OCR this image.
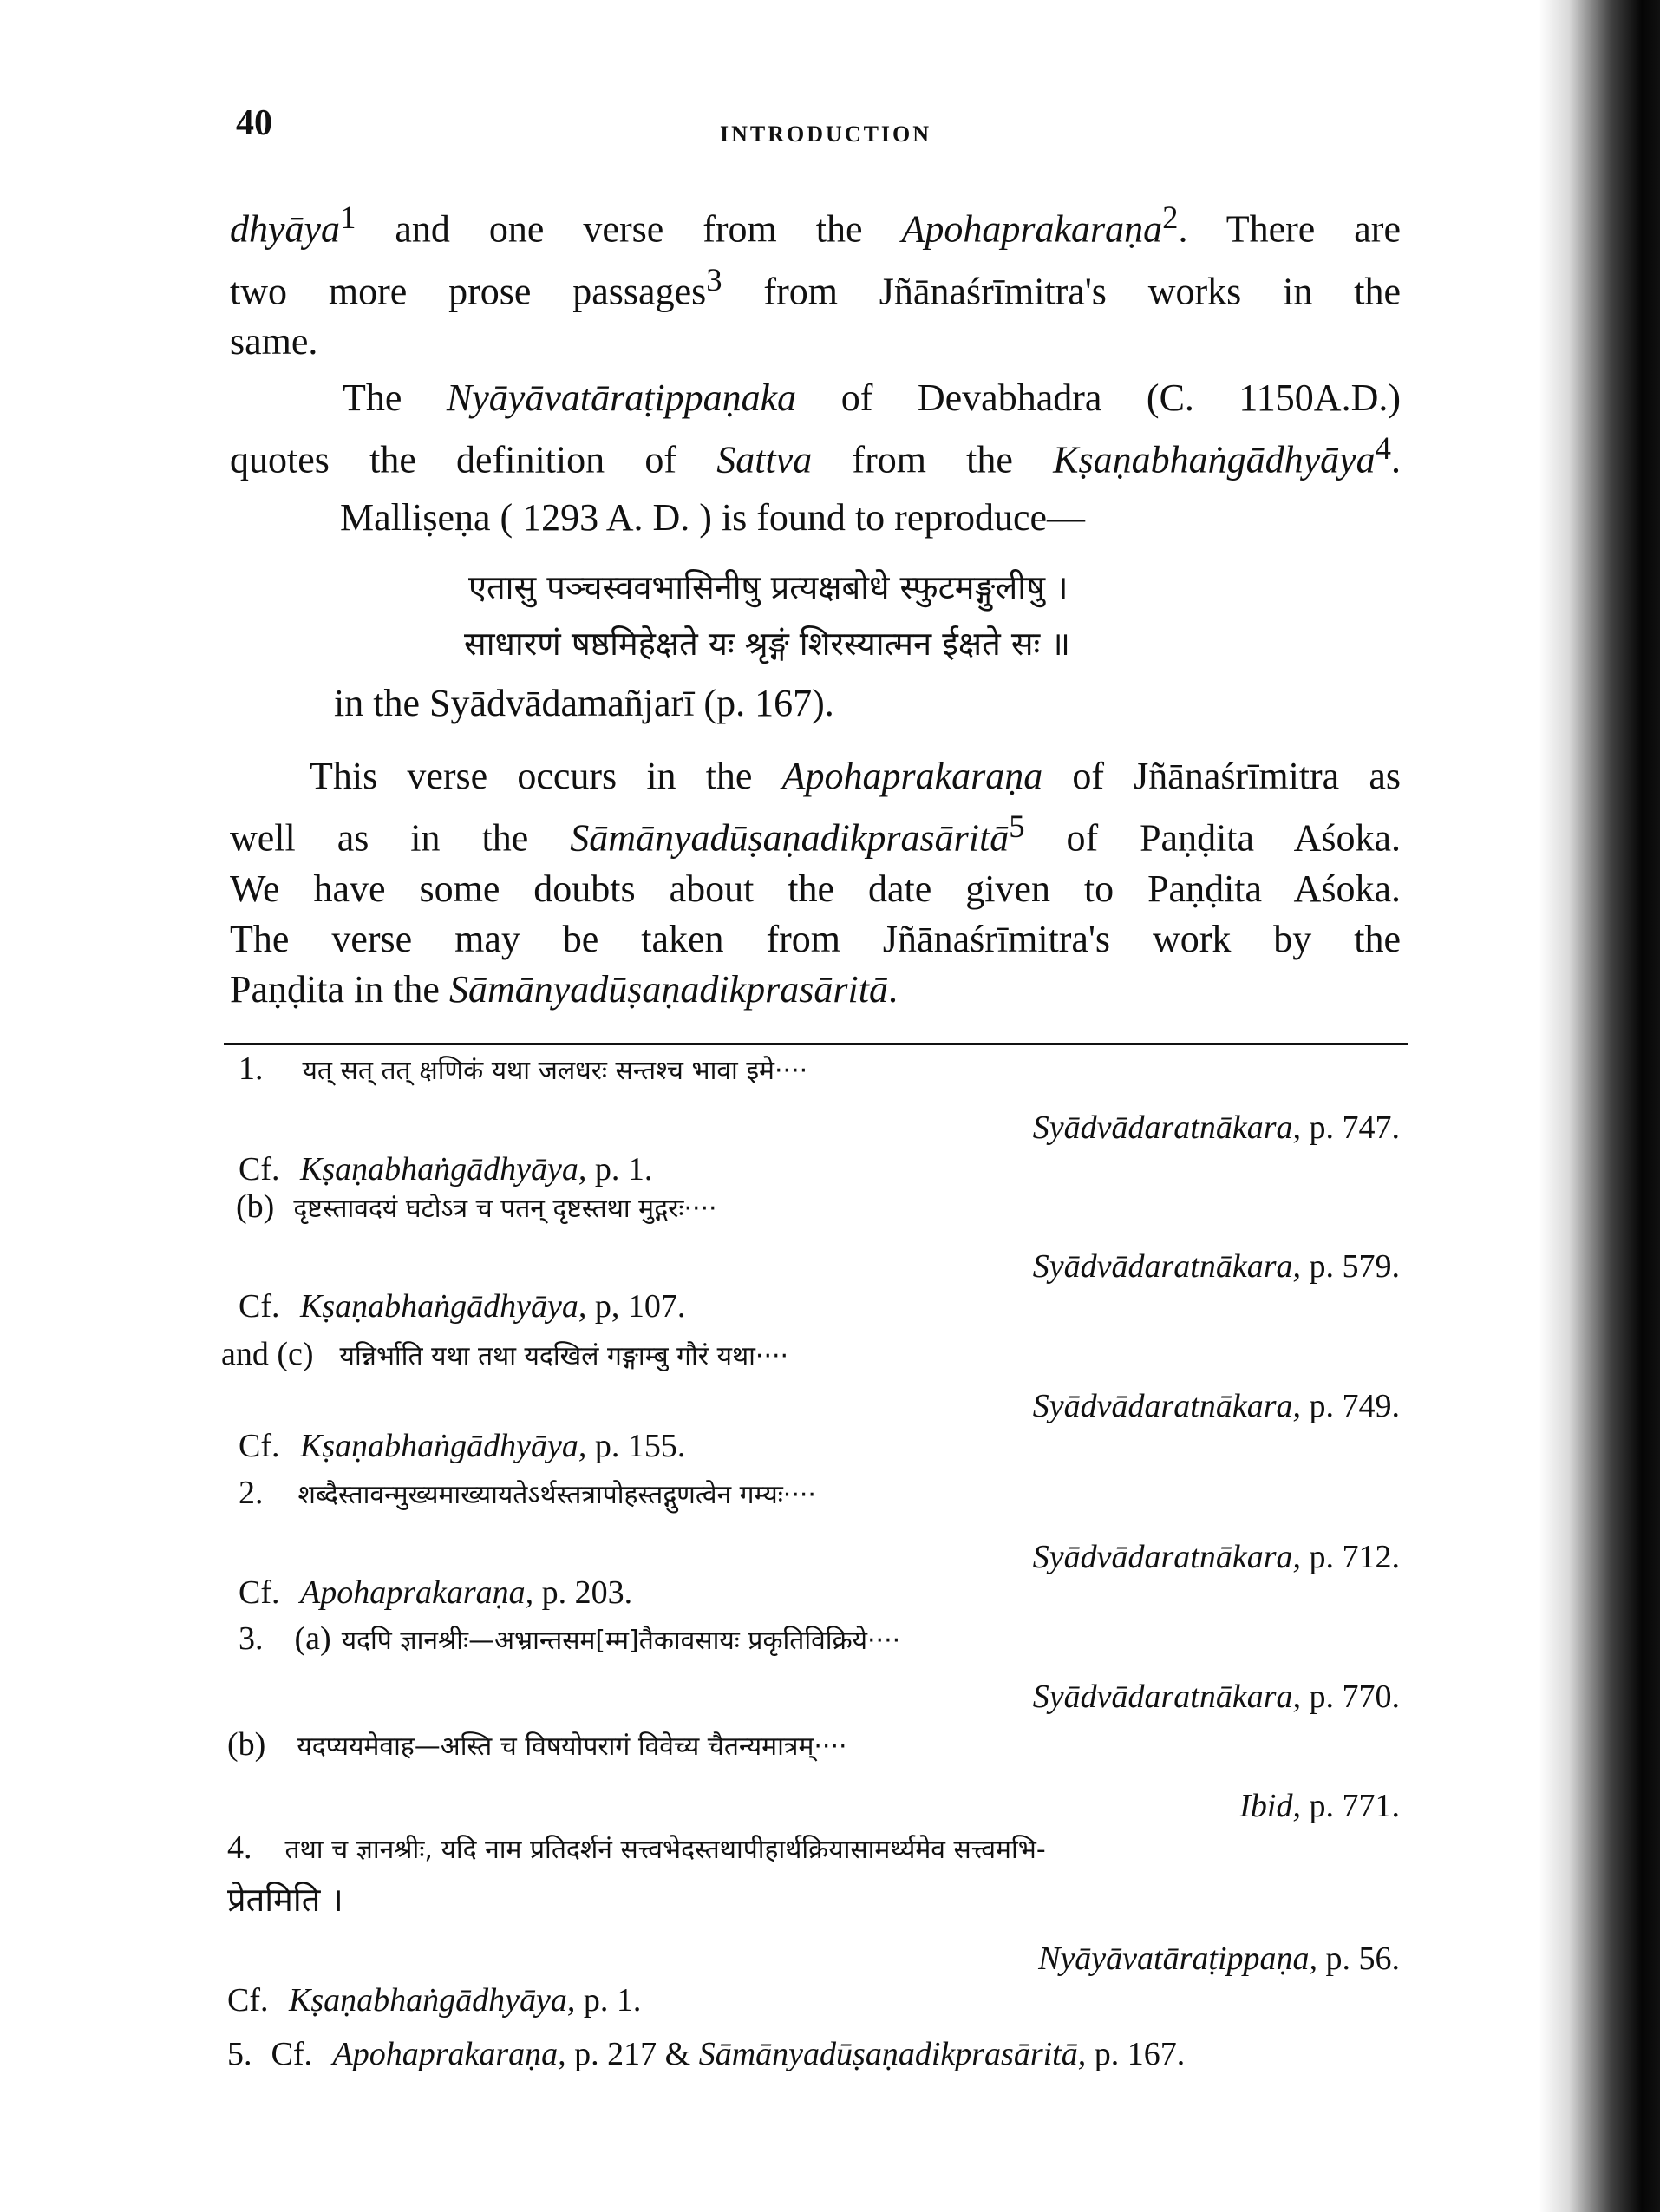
40	INTRODUCTION
dhyāya$^1$ and one verse from the Apohaprakaraṇa$^2$. There are
two more prose passages$^3$ from Jñānaśrīmitra's works in the
same.
The Nyāyāvatāraṭippaṇaka of Devabhadra (C. 1150A.D.)
quotes the definition of Sattva from the Kṣaṇabhaṅgādhyāya$^4$.
Malliṣeṇa ( 1293 A. D. ) is found to reproduce—
एतासु पञ्चस्ववभासिनीषु प्रत्यक्षबोधे स्फुटमङ्गुलीषु ।
साधारणं षष्ठमिहेक्षते यः श्रृङ्गं शिरस्यात्मन ईक्षते सः ॥
in the Syādvādamañjarī (p. 167).
This verse occurs in the Apohaprakaraṇa of Jñānaśrīmitra as
well as in the Sāmānyadūṣaṇadikprasāritā$^5$ of Paṇḍita Aśoka.
We have some doubts about the date given to Paṇḍita Aśoka.
The verse may be taken from Jñānaśrīmitra's work by the
Paṇḍita in the Sāmānyadūṣaṇadikprasāritā.
1. यत् सत् तत् क्षणिकं यथा जलधरः सन्तश्च भावा इमे····
Syādvādaratnākara, p. 747.
Cf. Kṣaṇabhaṅgādhyāya, p. 1.
(b) दृष्टस्तावदयं घटोऽत्र च पतन् दृष्टस्तथा मुद्गरः····
Syādvādaratnākara, p. 579.
Cf. Kṣaṇabhaṅgādhyāya, p, 107.
and (c) यन्निर्भाति यथा तथा यदखिलं गङ्गाम्बु गौरं यथा····
Syādvādaratnākara, p. 749.
Cf. Kṣaṇabhaṅgādhyāya, p. 155.
2. शब्दैस्तावन्मुख्यमाख्यायतेऽर्थस्तत्रापोहस्तद्गुणत्वेन गम्यः····
Syādvādaratnākara, p. 712.
Cf. Apohaprakaraṇa, p. 203.
3. (a) यदपि ज्ञानश्रीः—अभ्रान्तसम[म्म]तैकावसायः प्रकृतिविक्रिये····
Syādvādaratnākara, p. 770.
(b) यदप्ययमेवाह—अस्ति च विषयोपरागं विवेच्य चैतन्यमात्रम्····
Ibid, p. 771.
4. तथा च ज्ञानश्रीः, यदि नाम प्रतिदर्शनं सत्त्वभेदस्तथापीहार्थक्रियासामर्थ्यमेव सत्त्वमभि-
प्रेतमिति ।
Nyāyāvatāraṭippaṇa, p. 56.
Cf. Kṣaṇabhaṅgādhyāya, p. 1.
5. Cf. Apohaprakaraṇa, p. 217 & Sāmānyadūṣaṇadikprasāritā, p. 167.
